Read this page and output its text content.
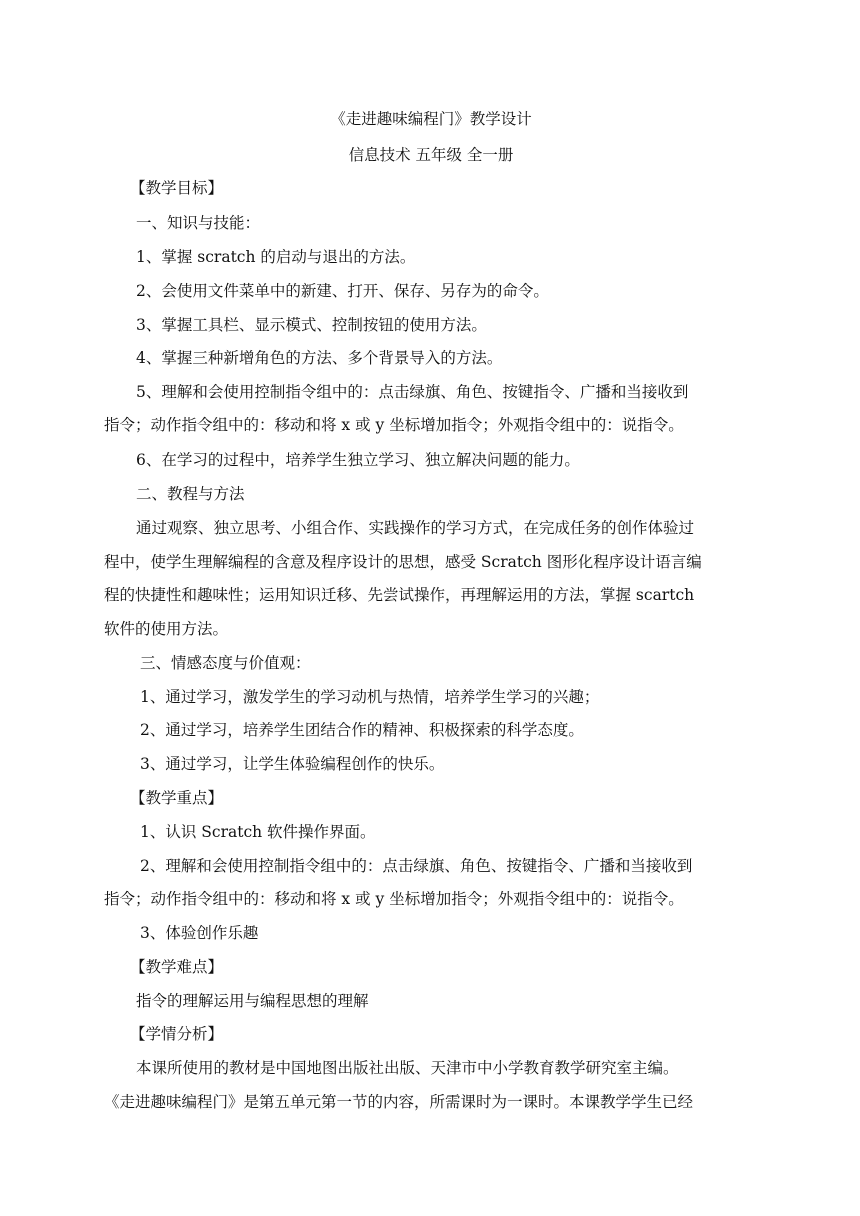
《走进趣味编程门》教学设计
信息技术 五年级 全一册
【教学目标】
一、知识与技能：
1、掌握 scratch 的启动与退出的方法。
2、会使用文件菜单中的新建、打开、保存、另存为的命令。
3、掌握工具栏、显示模式、控制按钮的使用方法。
4、掌握三种新增角色的方法、多个背景导入的方法。
5、理解和会使用控制指令组中的：点击绿旗、角色、按键指令、广播和当接收到
指令；动作指令组中的：移动和将 x 或 y 坐标增加指令；外观指令组中的：说指令。
6、在学习的过程中，培养学生独立学习、独立解决问题的能力。
二、教程与方法
通过观察、独立思考、小组合作、实践操作的学习方式，在完成任务的创作体验过
程中，使学生理解编程的含意及程序设计的思想，感受 Scratch 图形化程序设计语言编
程的快捷性和趣味性；运用知识迁移、先尝试操作，再理解运用的方法，掌握 scartch
软件的使用方法。
三、情感态度与价值观：
1、通过学习，激发学生的学习动机与热情，培养学生学习的兴趣；
2、通过学习，培养学生团结合作的精神、积极探索的科学态度。
3、通过学习，让学生体验编程创作的快乐。
【教学重点】
1、认识 Scratch 软件操作界面。
2、理解和会使用控制指令组中的：点击绿旗、角色、按键指令、广播和当接收到
指令；动作指令组中的：移动和将 x 或 y 坐标增加指令；外观指令组中的：说指令。
3、体验创作乐趣
【教学难点】
指令的理解运用与编程思想的理解
【学情分析】
本课所使用的教材是中国地图出版社出版、天津市中小学教育教学研究室主编。
《走进趣味编程门》是第五单元第一节的内容，所需课时为一课时。本课教学学生已经
